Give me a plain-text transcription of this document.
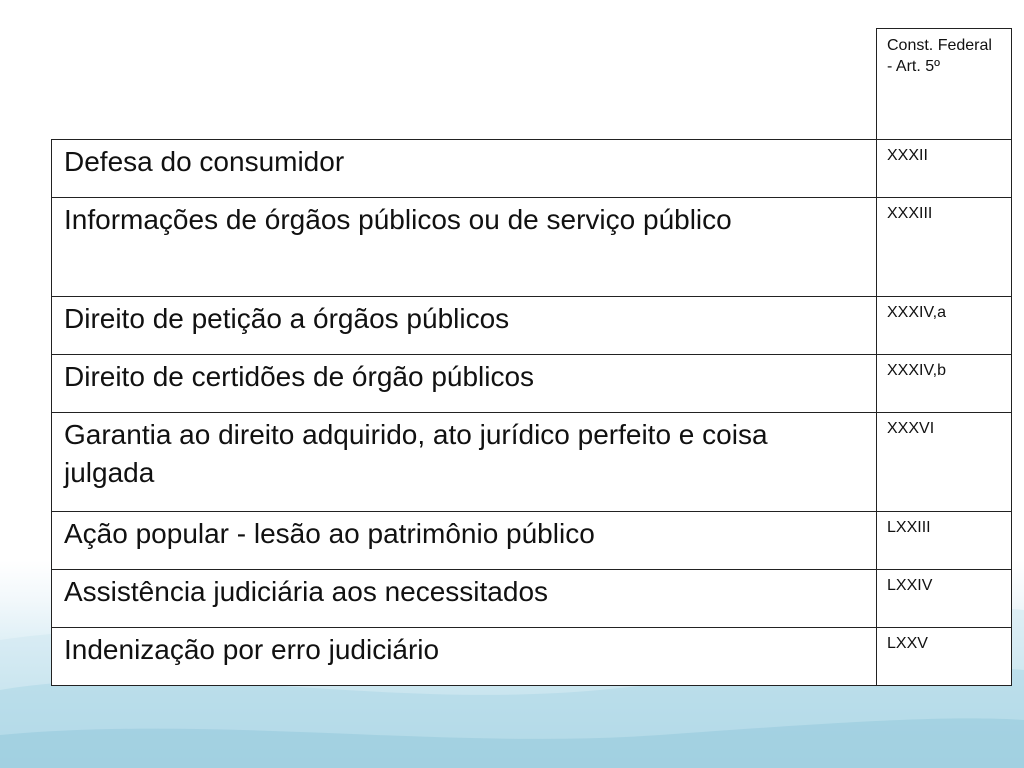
	Const. Federal - Art. 5º
Defesa do consumidor	XXXII
Informações de órgãos públicos ou de serviço público	XXXIII
Direito de petição a órgãos públicos	XXXIV,a
Direito de certidões de órgão públicos	XXXIV,b
Garantia ao direito adquirido, ato jurídico perfeito e coisa julgada	XXXVI
Ação popular - lesão ao patrimônio público	LXXIII
Assistência judiciária aos necessitados	LXXIV
Indenização por erro judiciário	LXXV
